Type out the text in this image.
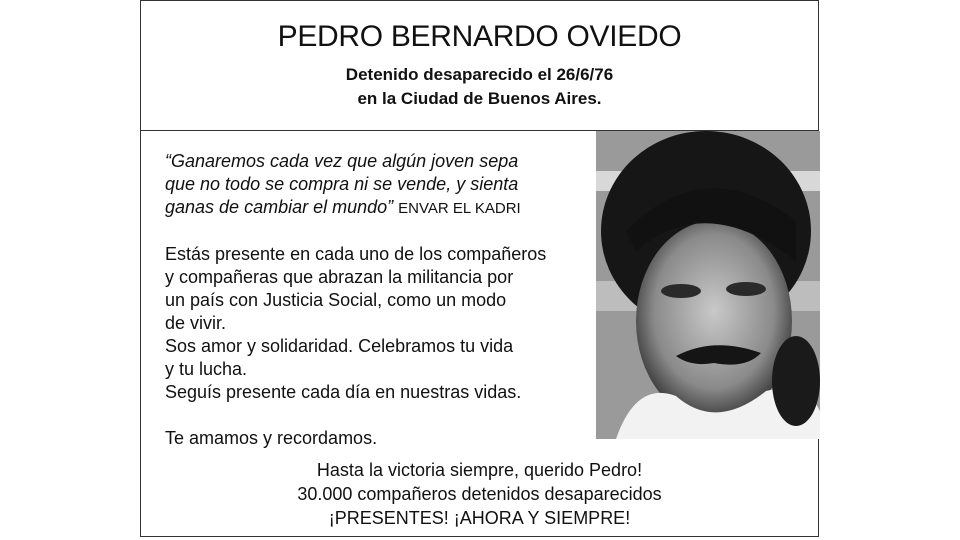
PEDRO BERNARDO OVIEDO
Detenido desaparecido el 26/6/76
en la Ciudad de Buenos Aires.

“Ganaremos cada vez que algún joven sepa
que no todo se compra ni se vende, y sienta
ganas de cambiar el mundo” ENVAR EL KADRI

Estás presente en cada uno de los compañeros
y compañeras que abrazan la militancia por
un país con Justicia Social, como un modo
de vivir.
Sos amor y solidaridad. Celebramos tu vida
y tu lucha.
Seguís presente cada día en nuestras vidas.

Te amamos y recordamos.

Hasta la victoria siempre, querido Pedro!
30.000 compañeros detenidos desaparecidos
¡PRESENTES! ¡AHORA Y SIEMPRE!
